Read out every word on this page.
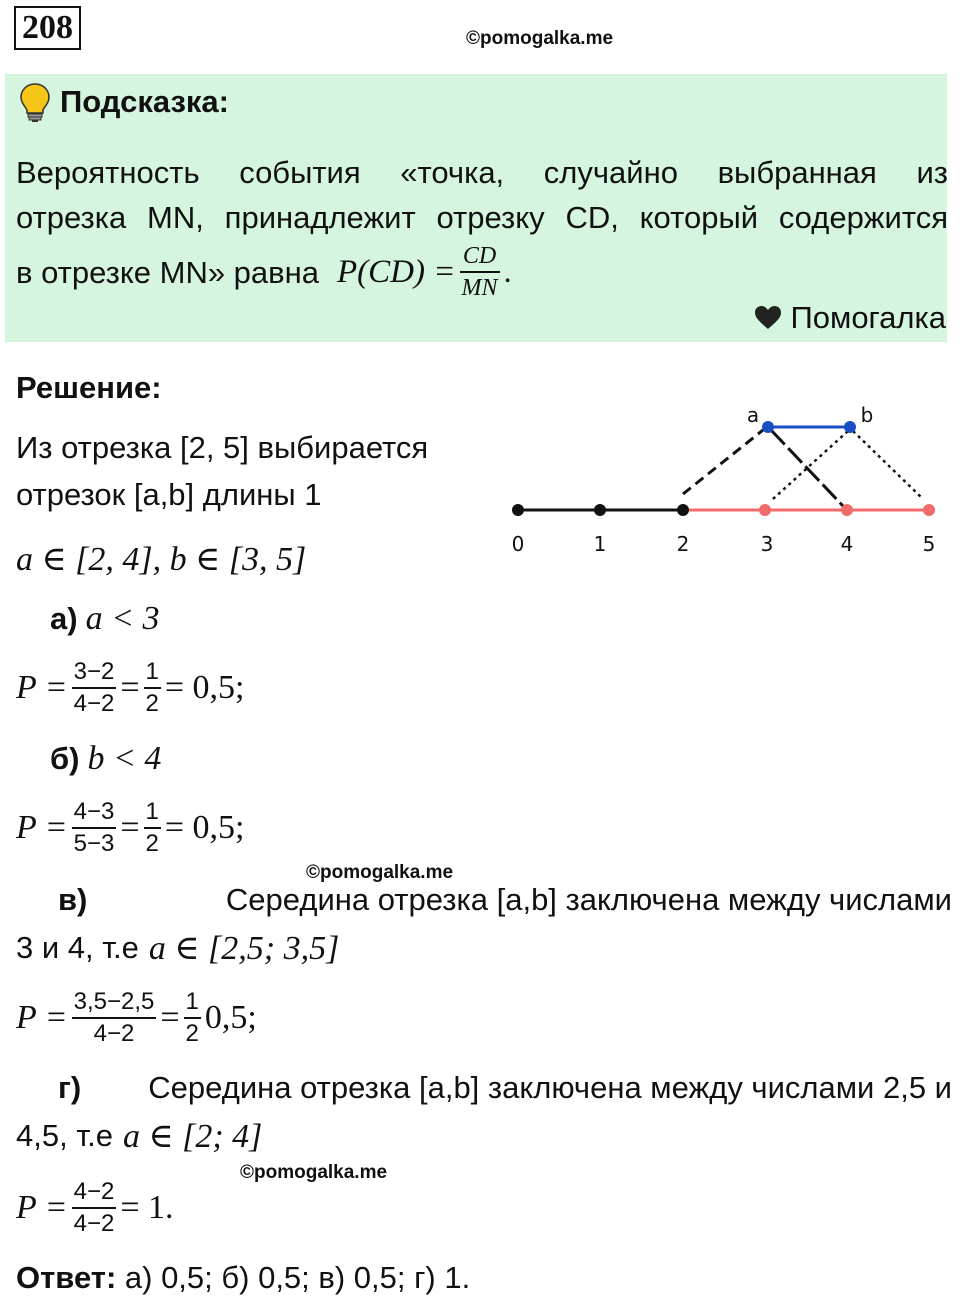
208	©pomogalka.me
Подсказка:
Вероятность события «точка, случайно выбранная из
отрезка MN, принадлежит отрезку CD, который содержится
в отрезке MN» равна $P(CD) = \frac{CD}{MN}$ .
Помогалка
Решение:
Из отрезка [2, 5] выбирается
отрезок [a,b] длины 1
a ∈ [2, 4], b ∈ [3, 5]	0	1	2	3	4	5
a	b
а) a < 3
$P = \frac{3-2}{4-2} = \frac{1}{2} = 0,5$;
б) b < 4
$P = \frac{4-3}{5-3} = \frac{1}{2} = 0,5$;
©pomogalka.me
в)	Середина отрезка [a,b] заключена между числами
3 и 4, т.е a ∈ [2,5; 3,5]
$P = \frac{3,5-2,5}{4-2} = \frac{1}{2} 0,5$;
г) Середина отрезка [a,b] заключена между числами 2,5 и
4,5, т.е a ∈ [2; 4]
©pomogalka.me
$P = \frac{4-2}{4-2} = 1$.
Ответ: а) 0,5; б) 0,5; в) 0,5; г) 1.
